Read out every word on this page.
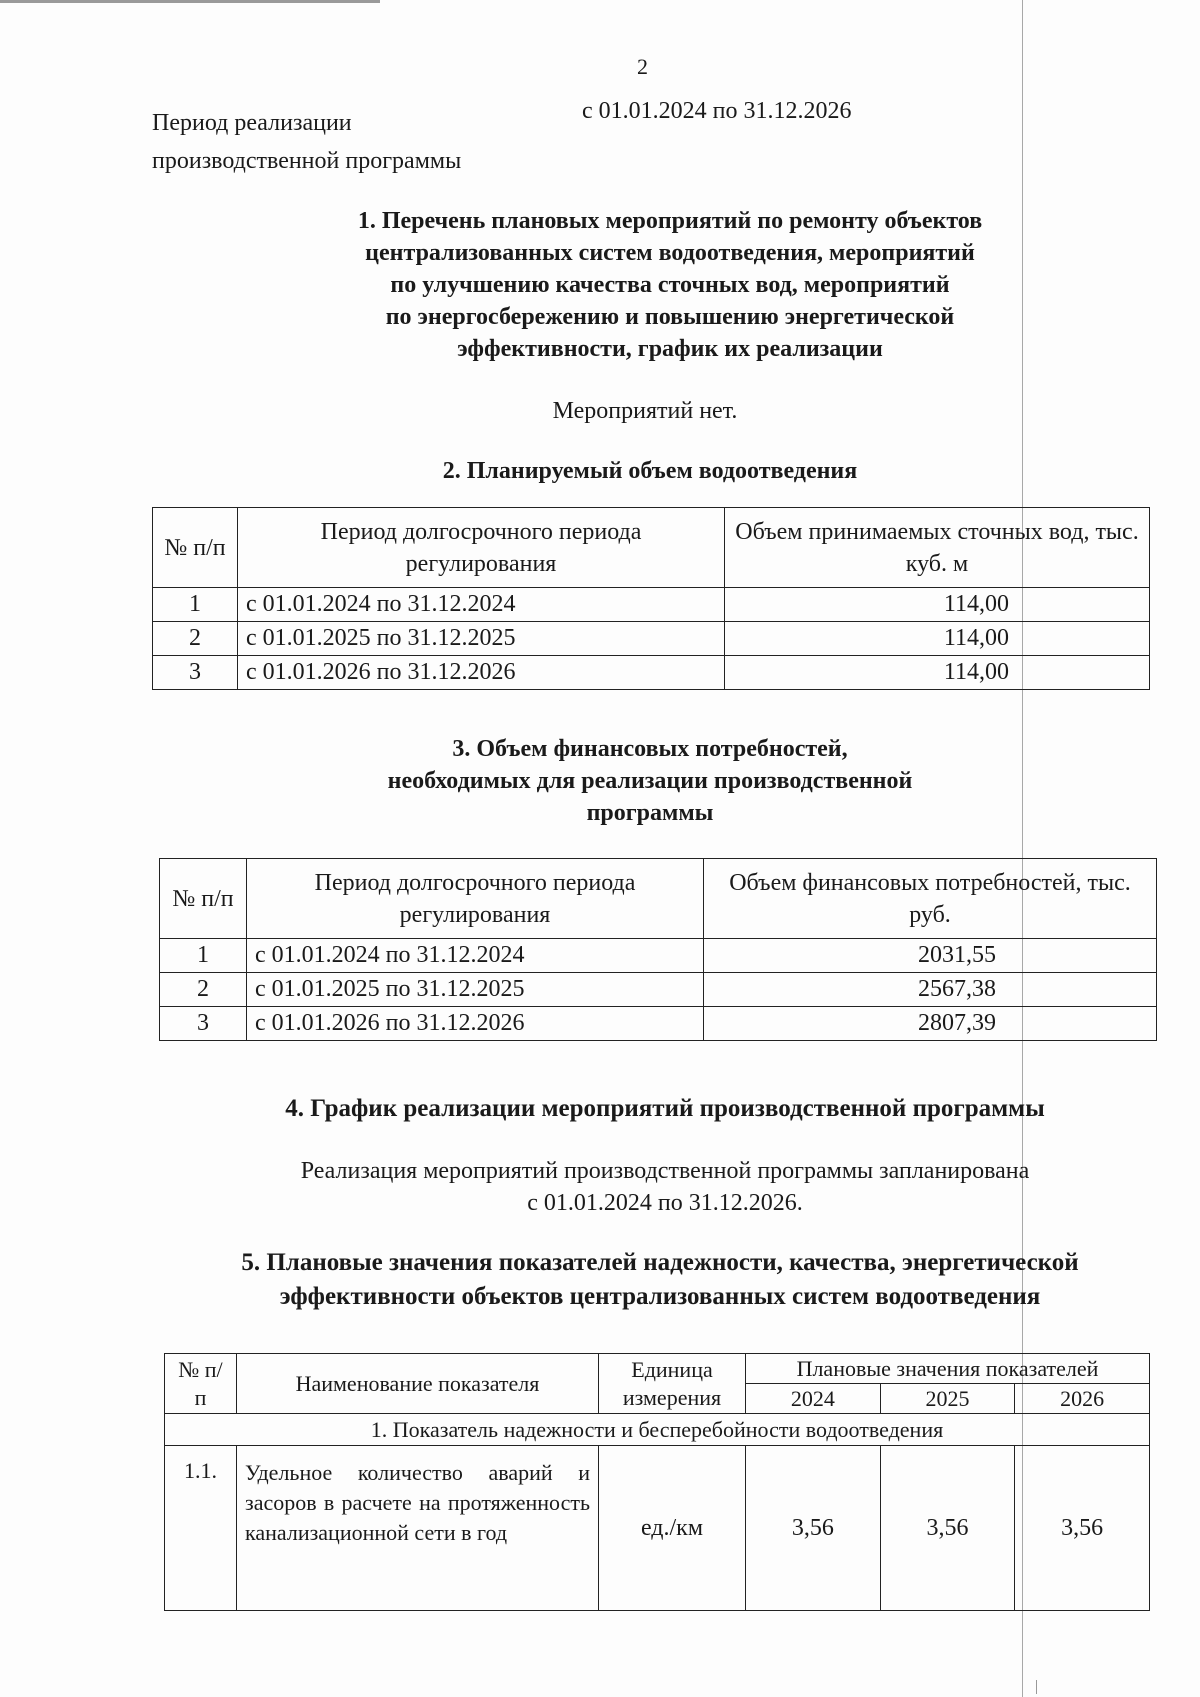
2
Период реализации
производственной программы
с 01.01.2024 по 31.12.2026
1. Перечень плановых мероприятий по ремонту объектов
централизованных систем водоотведения, мероприятий
по улучшению качества сточных вод, мероприятий
по энергосбережению и повышению энергетической
эффективности, график их реализации
Мероприятий нет.
2. Планируемый объем водоотведения
№ п/п	Период долгосрочного периода регулирования	Объем принимаемых сточных вод, тыс. куб. м
1	с 01.01.2024 по 31.12.2024	114,00
2	с 01.01.2025 по 31.12.2025	114,00
3	с 01.01.2026 по 31.12.2026	114,00
3. Объем финансовых потребностей,
необходимых для реализации производственной
программы
№ п/п	Период долгосрочного периода регулирования	Объем финансовых потребностей, тыс. руб.
1	с 01.01.2024 по 31.12.2024	2031,55
2	с 01.01.2025 по 31.12.2025	2567,38
3	с 01.01.2026 по 31.12.2026	2807,39
4. График реализации мероприятий производственной программы
Реализация мероприятий производственной программы запланирована
с 01.01.2024 по 31.12.2026.
5. Плановые значения показателей надежности, качества, энергетической
эффективности объектов централизованных систем водоотведения
№ п/п	Наименование показателя	Единица измерения	Плановые значения показателей		
			2024	2025	2026
1. Показатель надежности и бесперебойности водоотведения					
1.1.	Удельное количество аварий и засоров в расчете на протяженность канализационной сети в год	ед./км	3,56	3,56	3,56
